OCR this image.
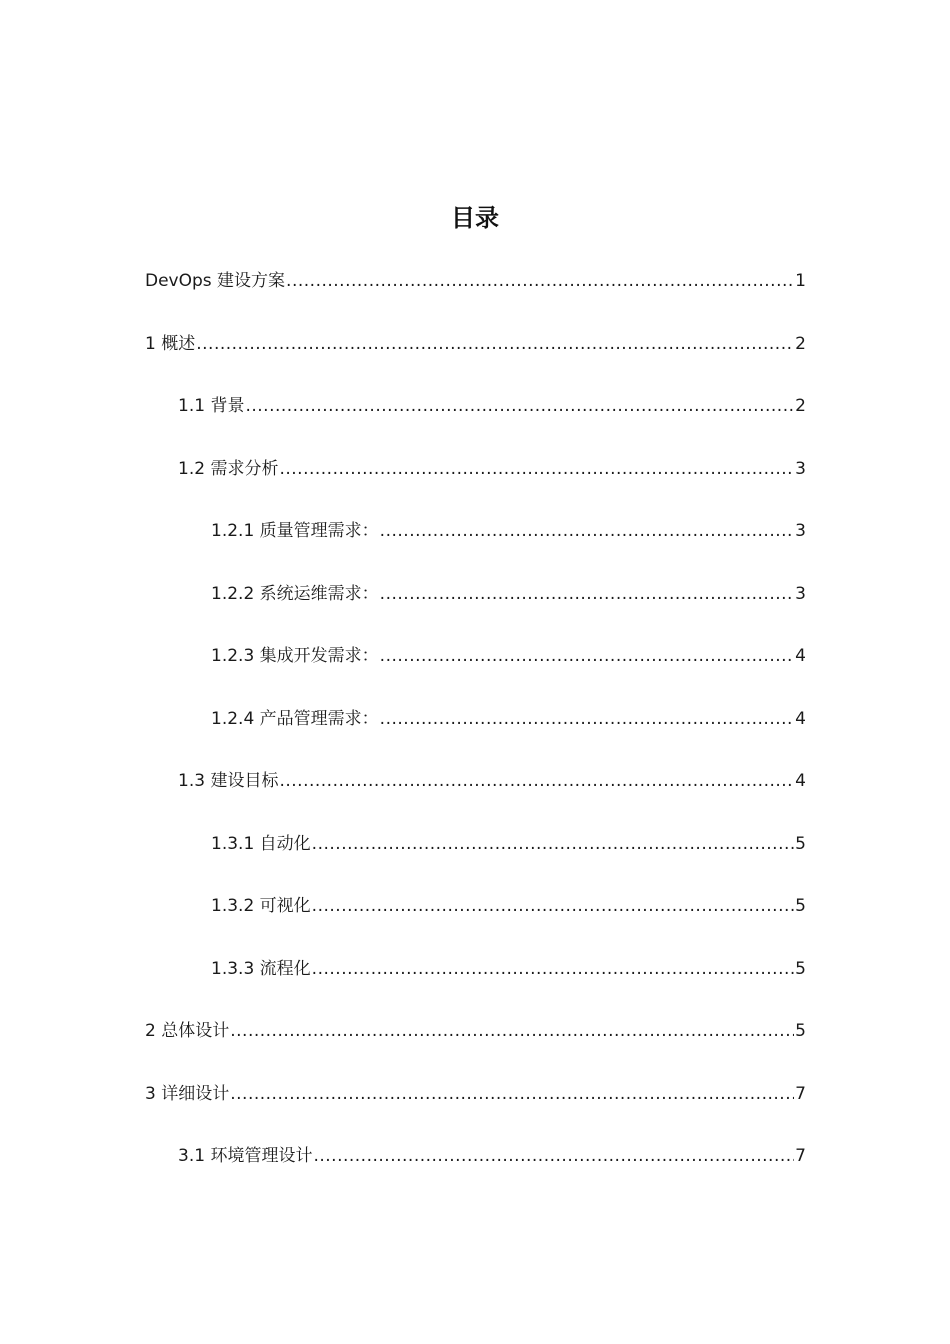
目录
DevOps 建设方案 .....	1
1 概述 .....	2
1.1 背景 .....	2
1.2 需求分析 .....	3
1.2.1 质量管理需求： .....	3
1.2.2 系统运维需求： .....	3
1.2.3 集成开发需求： .....	4
1.2.4 产品管理需求： .....	4
1.3 建设目标 .....	4
1.3.1 自动化 .....	5
1.3.2 可视化 .....	5
1.3.3 流程化 .....	5
2 总体设计 .....	5
3 详细设计 .....	7
3.1 环境管理设计 .....	7
